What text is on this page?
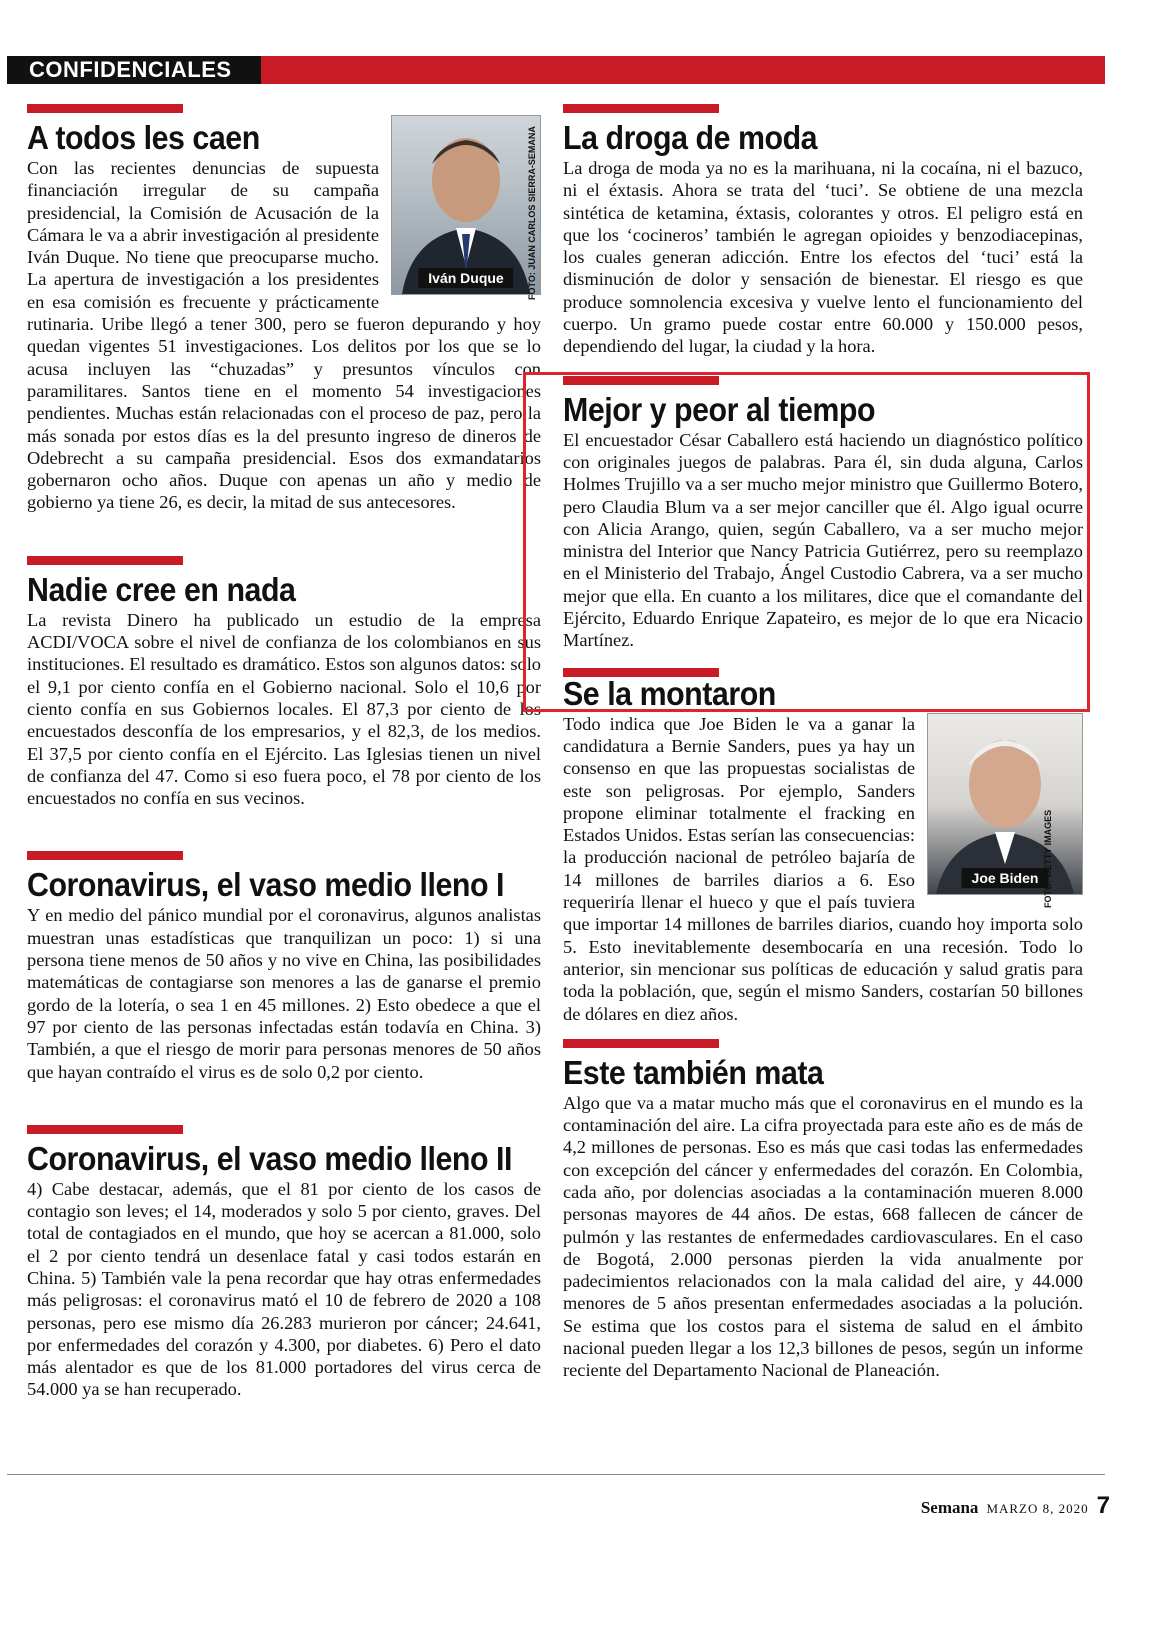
CONFIDENCIALES
Iván Duque
A todos les caen

Con las recientes denuncias de supuesta financiación irregular de su campaña presidencial, la Comisión de Acusación de la Cámara le va a abrir investigación al presidente Iván Duque. No tiene que preocuparse mucho. La apertura de investigación a los presidentes en esa comisión es frecuente y prácticamente rutinaria. Uribe llegó a tener 300, pero se fueron depurando y hoy quedan vigentes 51 investigaciones. Los delitos por los que se lo acusa incluyen las “chuzadas” y presuntos vínculos con paramilitares. Santos tiene en el momento 54 investigaciones pendientes. Muchas están relacionadas con el proceso de paz, pero la más sonada por estos días es la del presunto ingreso de dineros de Odebrecht a su campaña presidencial. Esos dos exmandatarios gobernaron ocho años. Duque con apenas un año y medio de gobierno ya tiene 26, es decir, la mitad de sus antecesores.

Nadie cree en nada

La revista Dinero ha publicado un estudio de la empresa ACDI/VOCA sobre el nivel de confianza de los colombianos en sus instituciones. El resultado es dramático. Estos son algunos datos: solo el 9,1 por ciento confía en el Gobierno nacional. Solo el 10,6 por ciento confía en sus Gobiernos locales. El 87,3 por ciento de los encuestados desconfía de los empresarios, y el 82,3, de los medios. El 37,5 por ciento confía en el Ejército. Las Iglesias tienen un nivel de confianza del 47. Como si eso fuera poco, el 78 por ciento de los encuestados no confía en sus vecinos.

Coronavirus, el vaso medio lleno I

Y en medio del pánico mundial por el coronavirus, algunos analistas muestran unas estadísticas que tranquilizan un poco: 1) si una persona tiene menos de 50 años y no vive en China, las posibilidades matemáticas de contagiarse son menores a las de ganarse el premio gordo de la lotería, o sea 1 en 45 millones. 2) Esto obedece a que el 97 por ciento de las personas infectadas están todavía en China. 3) También, a que el riesgo de morir para personas menores de 50 años que hayan contraído el virus es de solo 0,2 por ciento.

Coronavirus, el vaso medio lleno II

4) Cabe destacar, además, que el 81 por ciento de los casos de contagio son leves; el 14, moderados y solo 5 por ciento, graves. Del total de contagiados en el mundo, que hoy se acercan a 81.000, solo el 2 por ciento tendrá un desenlace fatal y casi todos estarán en China. 5) También vale la pena recordar que hay otras enfermedades más peligrosas: el coronavirus mató el 10 de febrero de 2020 a 108 personas, pero ese mismo día 26.283 murieron por cáncer; 24.641, por enfermedades del corazón y 4.300, por diabetes. 6) Pero el dato más alentador es que de los 81.000 portadores del virus cerca de 54.000 ya se han recuperado.

FOTO: JUAN CARLOS SIERRA-SEMANA La droga de moda

La droga de moda ya no es la marihuana, ni la cocaína, ni el bazuco, ni el éxtasis. Ahora se trata del ‘tuci’. Se obtiene de una mezcla sintética de ketamina, éxtasis, colorantes y otros. El peligro está en que los ‘cocineros’ también le agregan opioides y benzodiacepinas, los cuales generan adicción. Entre los efectos del ‘tuci’ está la disminución de dolor y sensación de bienestar. El riesgo es que produce somnolencia excesiva y vuelve lento el funcionamiento del cuerpo. Un gramo puede costar entre 60.000 y 150.000 pesos, dependiendo del lugar, la ciudad y la hora.

Mejor y peor al tiempo

El encuestador César Caballero está haciendo un diagnóstico político con originales juegos de palabras. Para él, sin duda alguna, Carlos Holmes Trujillo va a ser mucho mejor ministro que Guillermo Botero, pero Claudia Blum va a ser mejor canciller que él. Algo igual ocurre con Alicia Arango, quien, según Caballero, va a ser mucho mejor ministra del Interior que Nancy Patricia Gutiérrez, pero su reemplazo en el Ministerio del Trabajo, Ángel Custodio Cabrera, va a ser mucho mejor que ella. En cuanto a los militares, dice que el comandante del Ejército, Eduardo Enrique Zapateiro, es mejor de lo que era Nicacio Martínez.

Se la montaron
Joe Biden

Todo indica que Joe Biden le va a ganar la candidatura a Bernie Sanders, pues ya hay un consenso en que las propuestas socialistas de este son peligrosas. Por ejemplo, Sanders propone eliminar totalmente el fracking en Estados Unidos. Estas serían las consecuencias: la producción nacional de petróleo bajaría de 14 millones de barriles diarios a 6. Eso requeriría llenar el hueco y que el país tuviera que importar 14 millones de barriles diarios, cuando hoy importa solo 5. Esto inevitablemente desembocaría en una recesión. Todo lo anterior, sin mencionar sus políticas de educación y salud gratis para toda la población, que, según el mismo Sanders, costarían 50 billones de dólares en diez años.

Este también mata

Algo que va a matar mucho más que el coronavirus en el mundo es la contaminación del aire. La cifra proyectada para este año es de más de 4,2 millones de personas. Eso es más que casi todas las enfermedades con excepción del cáncer y enfermedades del corazón. En Colombia, cada año, por dolencias asociadas a la contaminación mueren 8.000 personas mayores de 44 años. De estas, 668 fallecen de cáncer de pulmón y las restantes de enfermedades cardiovasculares. En el caso de Bogotá, 2.000 personas pierden la vida anualmente por padecimientos relacionados con la mala calidad del aire, y 44.000 menores de 5 años presentan enfermedades asociadas a la polución. Se estima que los costos para el sistema de salud en el ámbito nacional pueden llegar a los 12,3 billones de pesos, según un informe reciente del Departamento Nacional de Planeación.

FOTO: GETTY IMAGES
Semana MARZO 8, 2020 7
